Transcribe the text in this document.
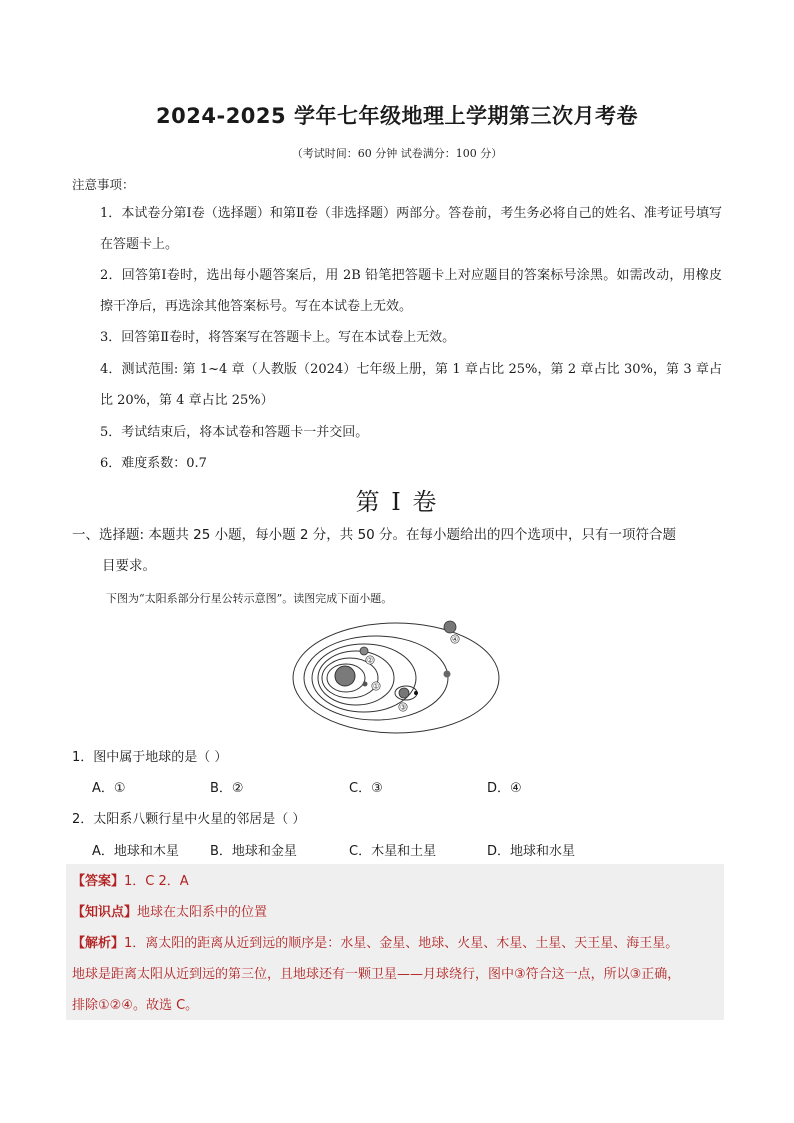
2024-2025 学年七年级地理上学期第三次月考卷
（考试时间：60 分钟 试卷满分：100 分）
注意事项：
1．本试卷分第Ⅰ卷（选择题）和第Ⅱ卷（非选择题）两部分。答卷前，考生务必将自己的姓名、准考证号填写在答题卡上。
2．回答第Ⅰ卷时，选出每小题答案后，用 2B 铅笔把答题卡上对应题目的答案标号涂黑。如需改动，用橡皮擦干净后，再选涂其他答案标号。写在本试卷上无效。
3．回答第Ⅱ卷时，将答案写在答题卡上。写在本试卷上无效。
4．测试范围: 第 1~4 章（人教版（2024）七年级上册，第 1 章占比 25%，第 2 章占比 30%，第 3 章占比 20%，第 4 章占比 25%）
5．考试结束后，将本试卷和答题卡一并交回。
6．难度系数：0.7
第 I 卷
一、选择题: 本题共 25 小题，每小题 2 分，共 50 分。在每小题给出的四个选项中，只有一项符合题
目要求。
下图为“太阳系部分行星公转示意图”。读图完成下面小题。
①
②
③
④
1．图中属于地球的是（ ）
A．①	B．②	C．③	D．④
2．太阳系八颗行星中火星的邻居是（ ）
A．地球和木星 B．地球和金星	C．木星和土星	D．地球和水星
【答案】1．C 2．A
【知识点】地球在太阳系中的位置
【解析】1．离太阳的距离从近到远的顺序是：水星、金星、地球、火星、木星、土星、天王星、海王星。
地球是距离太阳从近到远的第三位，且地球还有一颗卫星——月球绕行，图中③符合这一点，所以③正确，
排除①②④。故选 C。
